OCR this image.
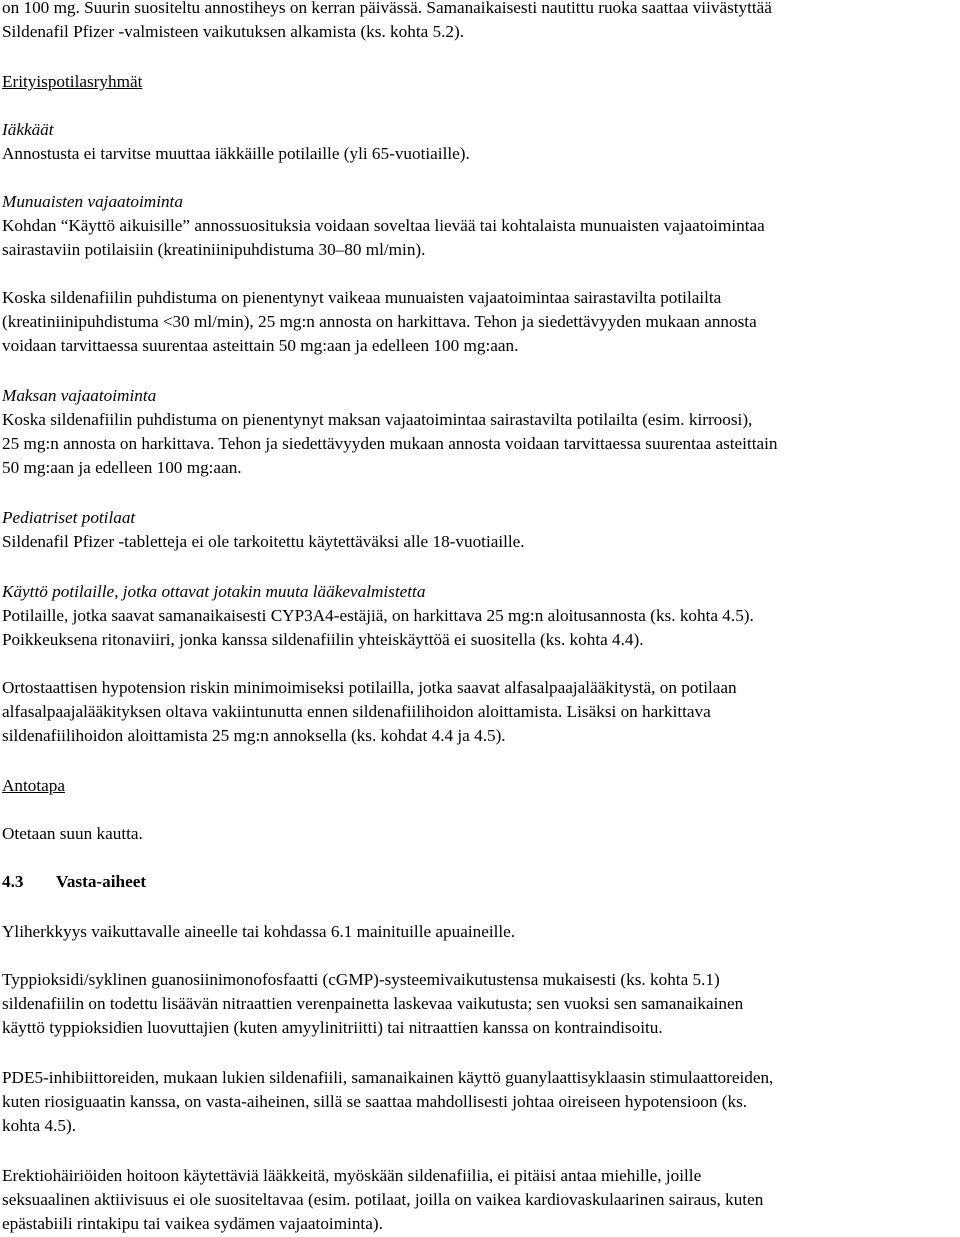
on 100 mg. Suurin suositeltu annostiheys on kerran päivässä. Samanaikaisesti nautittu ruoka saattaa viivästyttää
Sildenafil Pfizer -valmisteen vaikutuksen alkamista (ks. kohta 5.2).
Erityispotilasryhmät
Iäkkäät
Annostusta ei tarvitse muuttaa iäkkäille potilaille (yli 65-vuotiaille).
Munuaisten vajaatoiminta
Kohdan “Käyttö aikuisille” annossuosituksia voidaan soveltaa lievää tai kohtalaista munuaisten vajaatoimintaa
sairastaviin potilaisiin (kreatiniinipuhdistuma 30–80 ml/min).
Koska sildenafiilin puhdistuma on pienentynyt vaikeaa munuaisten vajaatoimintaa sairastavilta potilailta
(kreatiniinipuhdistuma <30 ml/min), 25 mg:n annosta on harkittava. Tehon ja siedettävyyden mukaan annosta
voidaan tarvittaessa suurentaa asteittain 50 mg:aan ja edelleen 100 mg:aan.
Maksan vajaatoiminta
Koska sildenafiilin puhdistuma on pienentynyt maksan vajaatoimintaa sairastavilta potilailta (esim. kirroosi),
25 mg:n annosta on harkittava. Tehon ja siedettävyyden mukaan annosta voidaan tarvittaessa suurentaa asteittain
50 mg:aan ja edelleen 100 mg:aan.
Pediatriset potilaat
Sildenafil Pfizer -tabletteja ei ole tarkoitettu käytettäväksi alle 18-vuotiaille.
Käyttö potilaille, jotka ottavat jotakin muuta lääkevalmistetta
Potilaille, jotka saavat samanaikaisesti CYP3A4-estäjiä, on harkittava 25 mg:n aloitusannosta (ks. kohta 4.5).
Poikkeuksena ritonaviiri, jonka kanssa sildenafiilin yhteiskäyttöä ei suositella (ks. kohta 4.4).
Ortostaattisen hypotension riskin minimoimiseksi potilailla, jotka saavat alfasalpaajalääkitystä, on potilaan
alfasalpaajalääkityksen oltava vakiintunutta ennen sildenafiilihoidon aloittamista. Lisäksi on harkittava
sildenafiilihoidon aloittamista 25 mg:n annoksella (ks. kohdat 4.4 ja 4.5).
Antotapa
Otetaan suun kautta.
4.3 Vasta-aiheet
Yliherkkyys vaikuttavalle aineelle tai kohdassa 6.1 mainituille apuaineille.
Typpioksidi/syklinen guanosiinimonofosfaatti (cGMP)-systeemivaikutustensa mukaisesti (ks. kohta 5.1)
sildenafiilin on todettu lisäävän nitraattien verenpainetta laskevaa vaikutusta; sen vuoksi sen samanaikainen
käyttö typpioksidien luovuttajien (kuten amyylinitriitti) tai nitraattien kanssa on kontraindisoitu.
PDE5-inhibiittoreiden, mukaan lukien sildenafiili, samanaikainen käyttö guanylaattisyklaasin stimulaattoreiden,
kuten riosiguaatin kanssa, on vasta-aiheinen, sillä se saattaa mahdollisesti johtaa oireiseen hypotensioon (ks.
kohta 4.5).
Erektiohäiriöiden hoitoon käytettäviä lääkkeitä, myöskään sildenafiilia, ei pitäisi antaa miehille, joille
seksuaalinen aktiivisuus ei ole suositeltavaa (esim. potilaat, joilla on vaikea kardiovaskulaarinen sairaus, kuten
epästabiili rintakipu tai vaikea sydämen vajaatoiminta).
